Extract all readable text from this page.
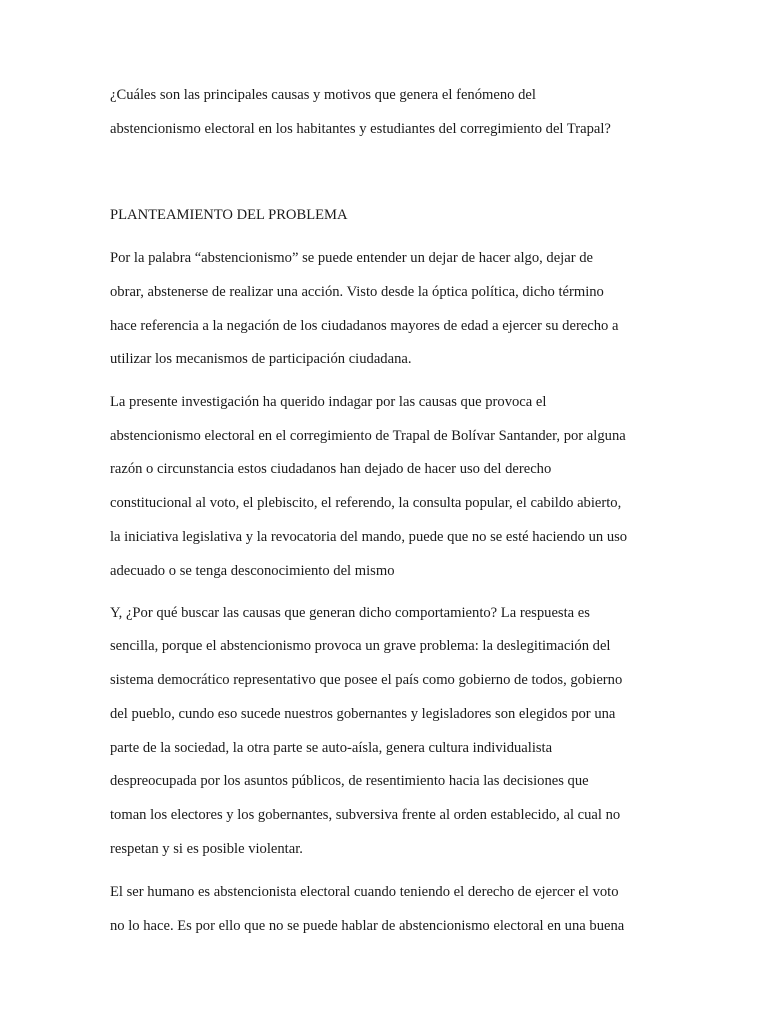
¿Cuáles son las principales causas y motivos que genera el fenómeno del
abstencionismo electoral en los habitantes y estudiantes del corregimiento del Trapal?
PLANTEAMIENTO DEL PROBLEMA
Por la palabra “abstencionismo” se puede entender un dejar de hacer algo, dejar de
obrar, abstenerse de realizar una acción. Visto desde la óptica política, dicho término
hace referencia a la negación de los ciudadanos mayores de edad a ejercer su derecho a
utilizar los mecanismos de participación ciudadana.
La presente investigación ha querido indagar por las causas que provoca el
abstencionismo electoral en el corregimiento de Trapal de Bolívar Santander, por alguna
razón o circunstancia estos ciudadanos han dejado de hacer uso del derecho
constitucional al voto, el plebiscito, el referendo, la consulta popular, el cabildo abierto,
la iniciativa legislativa y la revocatoria del mando, puede que no se esté haciendo un uso
adecuado o se tenga desconocimiento del mismo
Y, ¿Por qué buscar las causas que generan dicho comportamiento? La respuesta es
sencilla, porque el abstencionismo provoca un grave problema: la deslegitimación del
sistema democrático representativo que posee el país como gobierno de todos, gobierno
del pueblo, cundo eso sucede nuestros gobernantes y legisladores son elegidos por una
parte de la sociedad, la otra parte se auto-aísla, genera cultura individualista
despreocupada por los asuntos públicos, de resentimiento hacia las decisiones que
toman los electores y los gobernantes, subversiva frente al orden establecido, al cual no
respetan y si es posible violentar.
El ser humano es abstencionista electoral cuando teniendo el derecho de ejercer el voto
no lo hace. Es por ello que no se puede hablar de abstencionismo electoral en una buena
